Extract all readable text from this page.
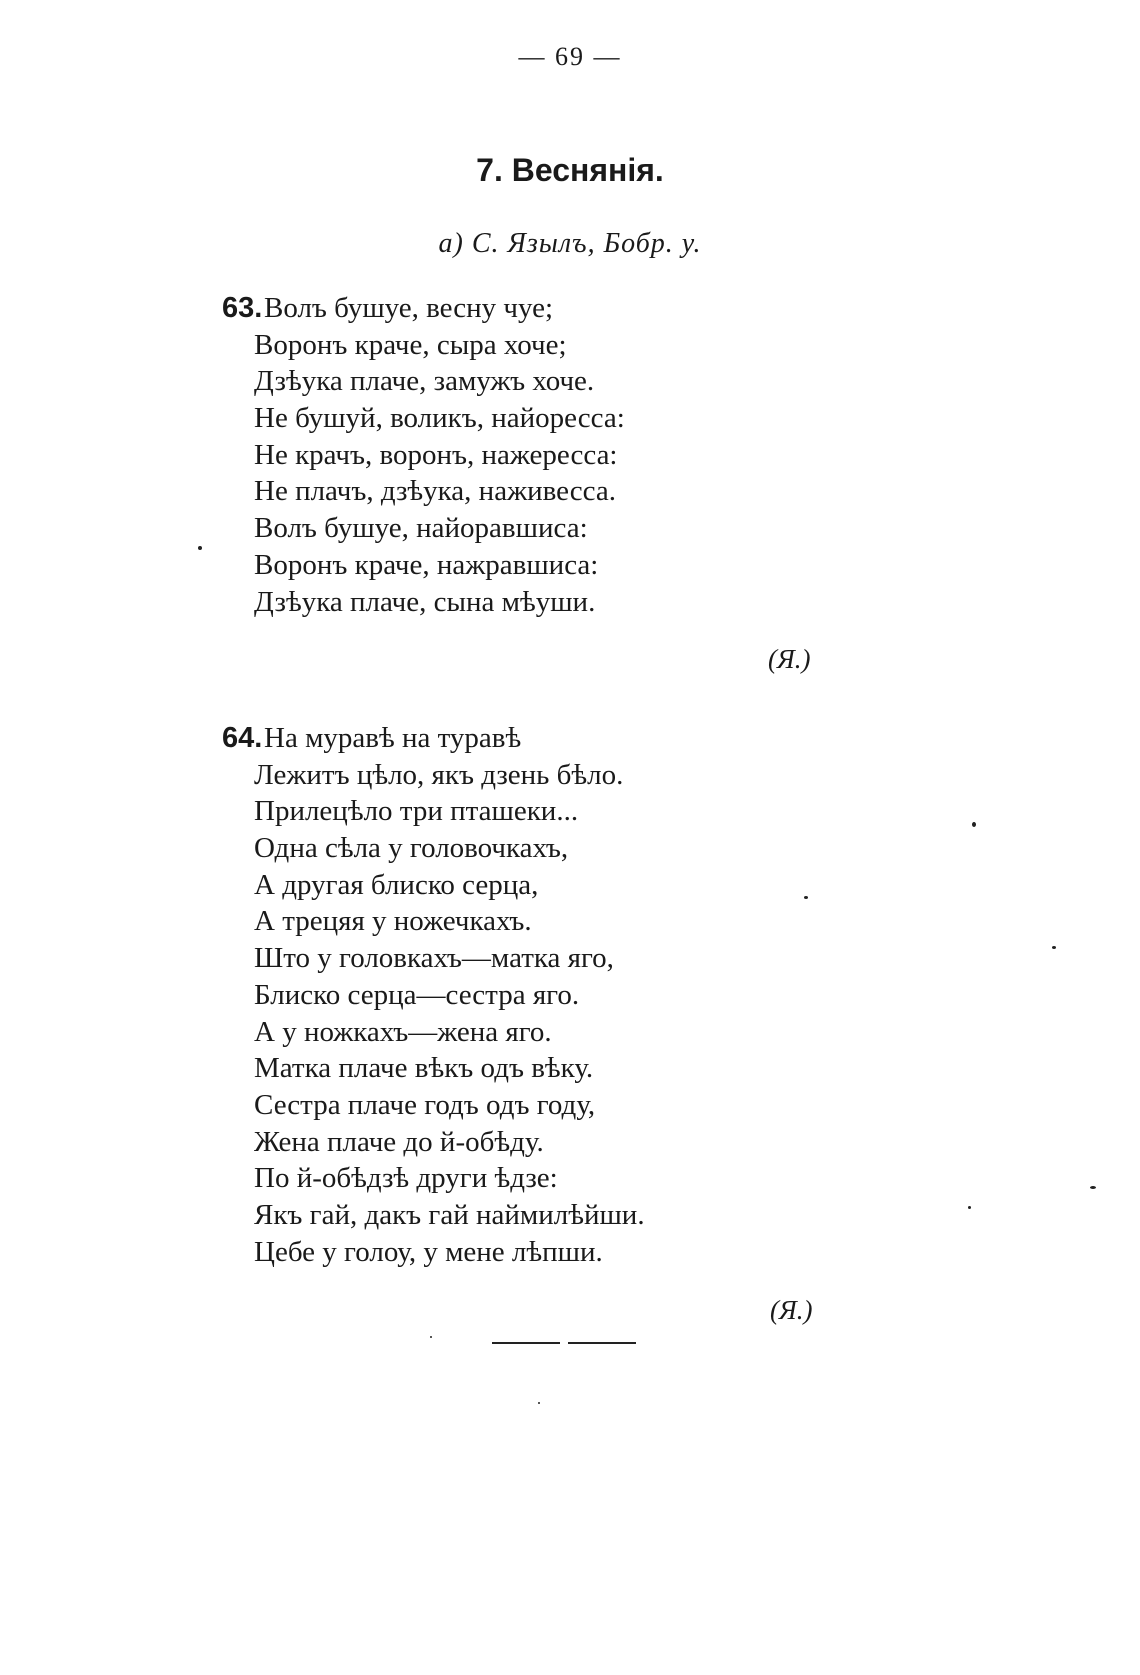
— 69 —
7. Веснянія.
а) С. Язылъ, Бобр. у.
63. Волъ бушуе, весну чуе;
Воронъ краче, сыра хоче;
Дзѣука плаче, замужъ хоче.
Не бушуй, воликъ, найоресса:
Не крачъ, воронъ, нажересса:
Не плачъ, дзѣука, наживесса.
Волъ бушуе, найоравшиса:
Воронъ краче, нажравшиса:
Дзѣука плаче, сына мѣуши.
(Я.)
64. На муравѣ на туравѣ
Лежитъ цѣло, якъ дзень бѣло.
Прилецѣло три пташеки...
Одна сѣла у головочкахъ,
А другая блиско серца,
А трецяя у ножечкахъ.
Што у головкахъ—матка яго,
Блиско серца—сестра яго.
А у ножкахъ—жена яго.
Матка плаче вѣкъ одъ вѣку.
Сестра плаче годъ одъ году,
Жена плаче до й-обѣду.
По й-обѣдзѣ други ѣдзе:
Якъ гай, дакъ гай наймилѣйши.
Цебе у голоу, у мене лѣпши.
(Я.)
